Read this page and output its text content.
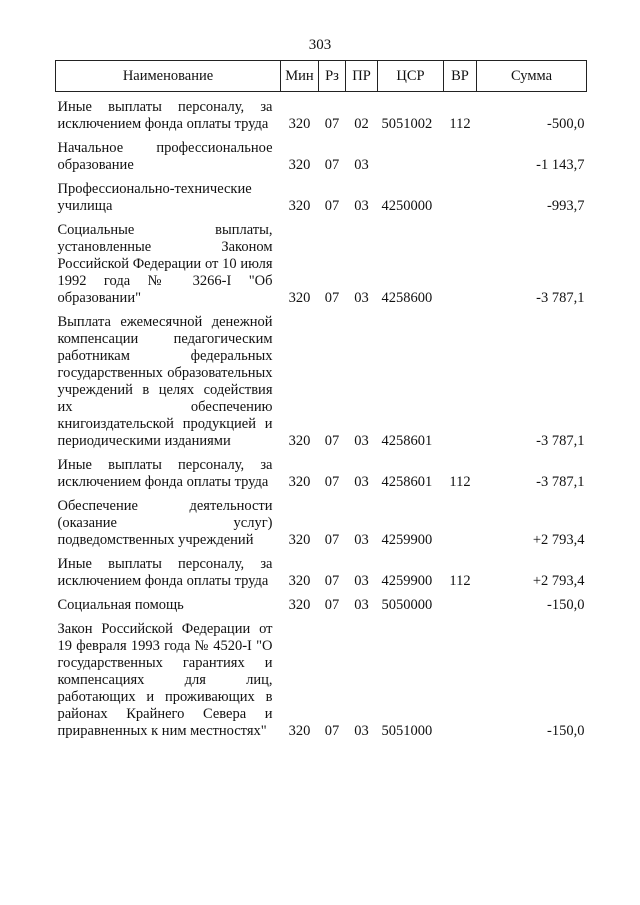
303
Наименование	Мин	Рз	ПР	ЦСР	ВР	Сумма

Иные выплаты персоналу, за исключением фонда оплаты труда	320	07	02	5051002	112	-500,0

Начальное профессиональное образование	320	07	03			-1 143,7

Профессионально-технические училища	320	07	03	4250000		-993,7

Социальные выплаты, установленные Законом Российской Федерации от 10 июля 1992 года № 3266-I "Об образовании"	320	07	03	4258600		-3 787,1

Выплата ежемесячной денежной компенсации педагогическим работникам федеральных государственных образовательных учреждений в целях содействия их обеспечению книгоиздательской продукцией и периодическими изданиями	320	07	03	4258601		-3 787,1

Иные выплаты персоналу, за исключением фонда оплаты труда	320	07	03	4258601	112	-3 787,1

Обеспечение деятельности (оказание услуг) подведомственных учреждений	320	07	03	4259900		+2 793,4

Иные выплаты персоналу, за исключением фонда оплаты труда	320	07	03	4259900	112	+2 793,4

Социальная помощь	320	07	03	5050000		-150,0

Закон Российской Федерации от 19 февраля 1993 года № 4520-I "О государственных гарантиях и компенсациях для лиц, работающих и проживающих в районах Крайнего Севера и приравненных к ним местностях"	320	07	03	5051000		-150,0
